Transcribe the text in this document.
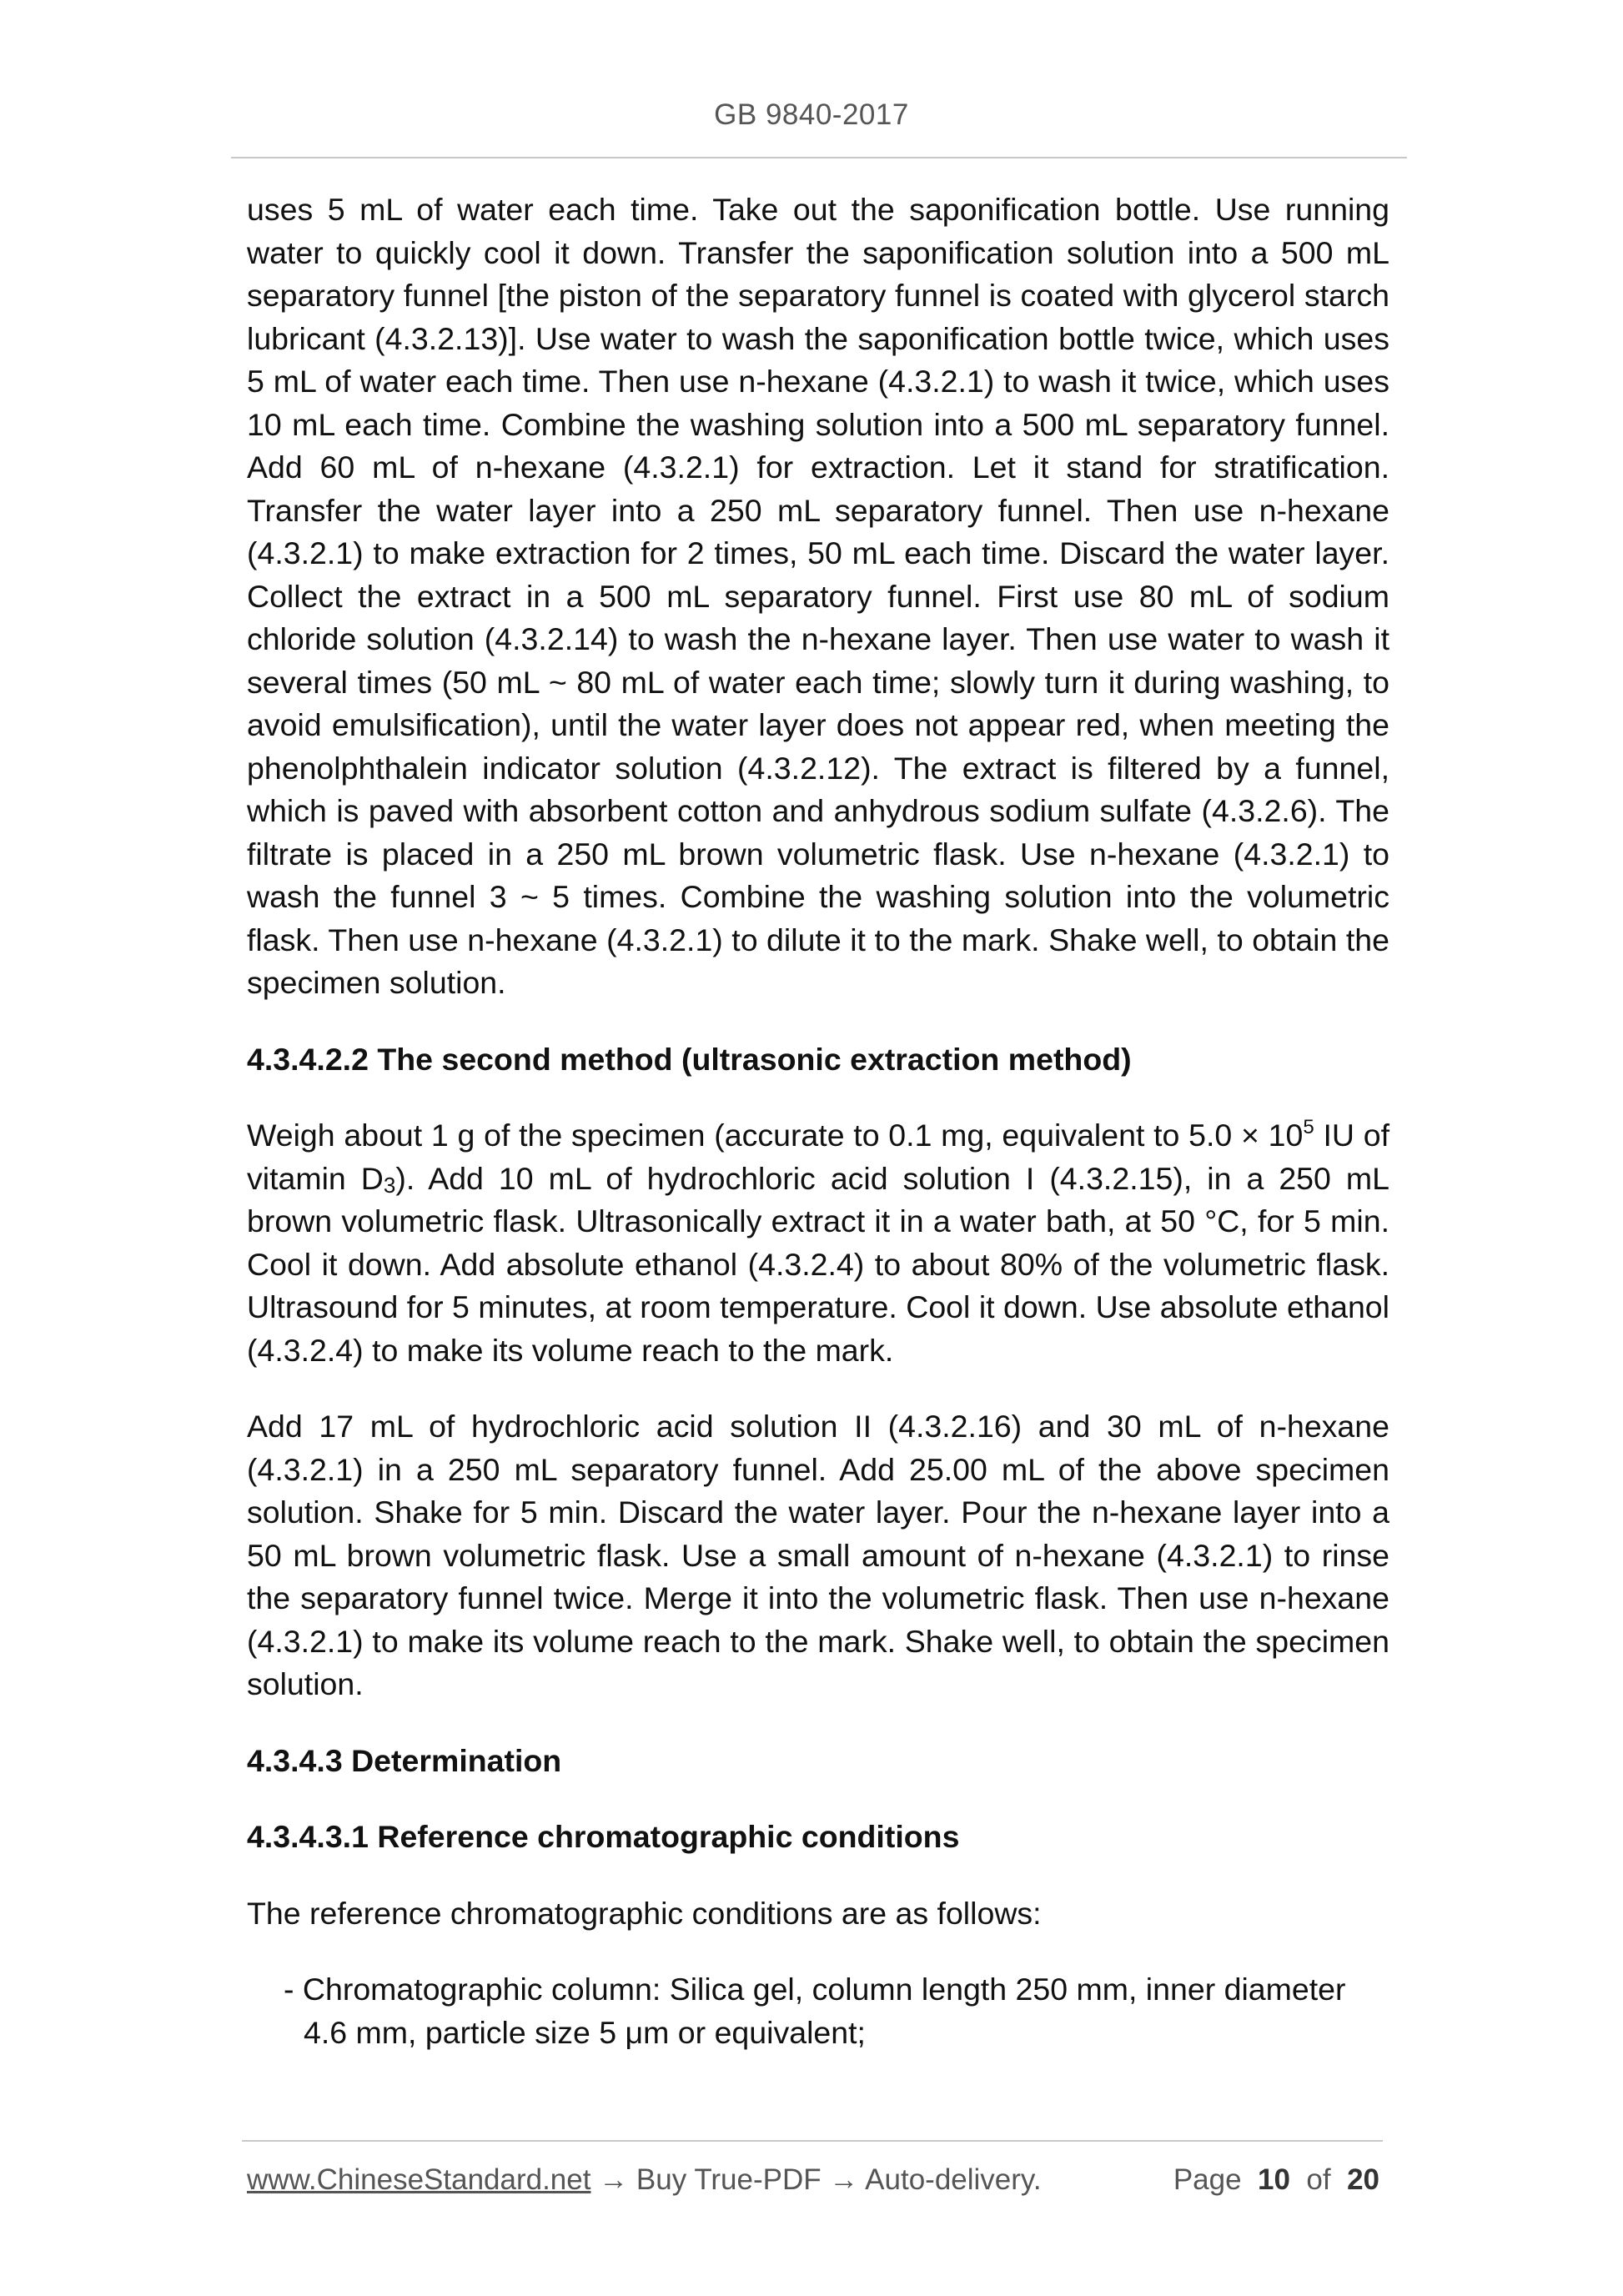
GB 9840-2017

uses 5 mL of water each time. Take out the saponification bottle. Use running water to quickly cool it down. Transfer the saponification solution into a 500 mL separatory funnel [the piston of the separatory funnel is coated with glycerol starch lubricant (4.3.2.13)]. Use water to wash the saponification bottle twice, which uses 5 mL of water each time. Then use n-hexane (4.3.2.1) to wash it twice, which uses 10 mL each time. Combine the washing solution into a 500 mL separatory funnel. Add 60 mL of n-hexane (4.3.2.1) for extraction. Let it stand for stratification. Transfer the water layer into a 250 mL separatory funnel. Then use n-hexane (4.3.2.1) to make extraction for 2 times, 50 mL each time. Discard the water layer. Collect the extract in a 500 mL separatory funnel. First use 80 mL of sodium chloride solution (4.3.2.14) to wash the n-hexane layer. Then use water to wash it several times (50 mL ~ 80 mL of water each time; slowly turn it during washing, to avoid emulsification), until the water layer does not appear red, when meeting the phenolphthalein indicator solution (4.3.2.12). The extract is filtered by a funnel, which is paved with absorbent cotton and anhydrous sodium sulfate (4.3.2.6). The filtrate is placed in a 250 mL brown volumetric flask. Use n-hexane (4.3.2.1) to wash the funnel 3 ~ 5 times. Combine the washing solution into the volumetric flask. Then use n-hexane (4.3.2.1) to dilute it to the mark. Shake well, to obtain the specimen solution.

4.3.4.2.2 The second method (ultrasonic extraction method)

Weigh about 1 g of the specimen (accurate to 0.1 mg, equivalent to $5.0 \times 10^5$ IU of vitamin $D_3$). Add 10 mL of hydrochloric acid solution I (4.3.2.15), in a 250 mL brown volumetric flask. Ultrasonically extract it in a water bath, at 50 °C, for 5 min. Cool it down. Add absolute ethanol (4.3.2.4) to about 80% of the volumetric flask. Ultrasound for 5 minutes, at room temperature. Cool it down. Use absolute ethanol (4.3.2.4) to make its volume reach to the mark.

Add 17 mL of hydrochloric acid solution II (4.3.2.16) and 30 mL of n-hexane (4.3.2.1) in a 250 mL separatory funnel. Add 25.00 mL of the above specimen solution. Shake for 5 min. Discard the water layer. Pour the n-hexane layer into a 50 mL brown volumetric flask. Use a small amount of n-hexane (4.3.2.1) to rinse the separatory funnel twice. Merge it into the volumetric flask. Then use n-hexane (4.3.2.1) to make its volume reach to the mark. Shake well, to obtain the specimen solution.

4.3.4.3 Determination

4.3.4.3.1 Reference chromatographic conditions

The reference chromatographic conditions are as follows:

- Chromatographic column: Silica gel, column length 250 mm, inner diameter 4.6 mm, particle size 5 μm or equivalent;

www.ChineseStandard.net → Buy True-PDF → Auto-delivery.	Page 10 of 20
